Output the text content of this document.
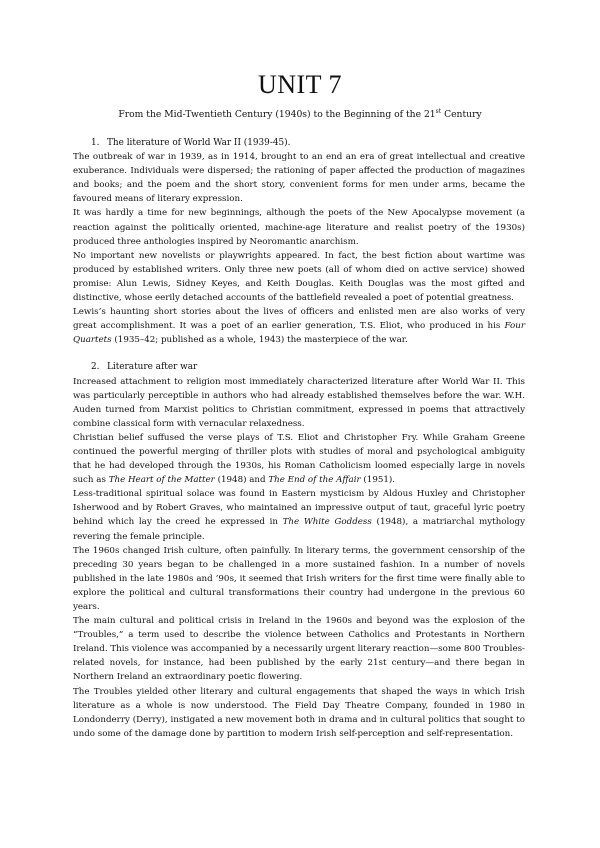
UNIT 7

From the Mid-Twentieth Century (1940s) to the Beginning of the 21st Century

1. The literature of World War II (1939-45).

The outbreak of war in 1939, as in 1914, brought to an end an era of great intellectual and creative exuberance. Individuals were dispersed; the rationing of paper affected the production of magazines and books; and the poem and the short story, convenient forms for men under arms, became the favoured means of literary expression.

It was hardly a time for new beginnings, although the poets of the New Apocalypse movement (a reaction against the politically oriented, machine-age literature and realist poetry of the 1930s) produced three anthologies inspired by Neoromantic anarchism.

No important new novelists or playwrights appeared. In fact, the best fiction about wartime was produced by established writers. Only three new poets (all of whom died on active service) showed promise: Alun Lewis, Sidney Keyes, and Keith Douglas. Keith Douglas was the most gifted and distinctive, whose eerily detached accounts of the battlefield revealed a poet of potential greatness.

Lewis’s haunting short stories about the lives of officers and enlisted men are also works of very great accomplishment. It was a poet of an earlier generation, T.S. Eliot, who produced in his Four Quartets (1935–42; published as a whole, 1943) the masterpiece of the war.

2. Literature after war

Increased attachment to religion most immediately characterized literature after World War II. This was particularly perceptible in authors who had already established themselves before the war. W.H. Auden turned from Marxist politics to Christian commitment, expressed in poems that attractively combine classical form with vernacular relaxedness.

Christian belief suffused the verse plays of T.S. Eliot and Christopher Fry. While Graham Greene continued the powerful merging of thriller plots with studies of moral and psychological ambiguity that he had developed through the 1930s, his Roman Catholicism loomed especially large in novels such as The Heart of the Matter (1948) and The End of the Affair (1951).

Less-traditional spiritual solace was found in Eastern mysticism by Aldous Huxley and Christopher Isherwood and by Robert Graves, who maintained an impressive output of taut, graceful lyric poetry behind which lay the creed he expressed in The White Goddess (1948), a matriarchal mythology revering the female principle.

The 1960s changed Irish culture, often painfully. In literary terms, the government censorship of the preceding 30 years began to be challenged in a more sustained fashion. In a number of novels published in the late 1980s and ’90s, it seemed that Irish writers for the first time were finally able to explore the political and cultural transformations their country had undergone in the previous 60 years.

The main cultural and political crisis in Ireland in the 1960s and beyond was the explosion of the “Troubles,” a term used to describe the violence between Catholics and Protestants in Northern Ireland. This violence was accompanied by a necessarily urgent literary reaction—some 800 Troubles-related novels, for instance, had been published by the early 21st century—and there began in Northern Ireland an extraordinary poetic flowering.

The Troubles yielded other literary and cultural engagements that shaped the ways in which Irish literature as a whole is now understood. The Field Day Theatre Company, founded in 1980 in Londonderry (Derry), instigated a new movement both in drama and in cultural politics that sought to undo some of the damage done by partition to modern Irish self-perception and self-representation.
